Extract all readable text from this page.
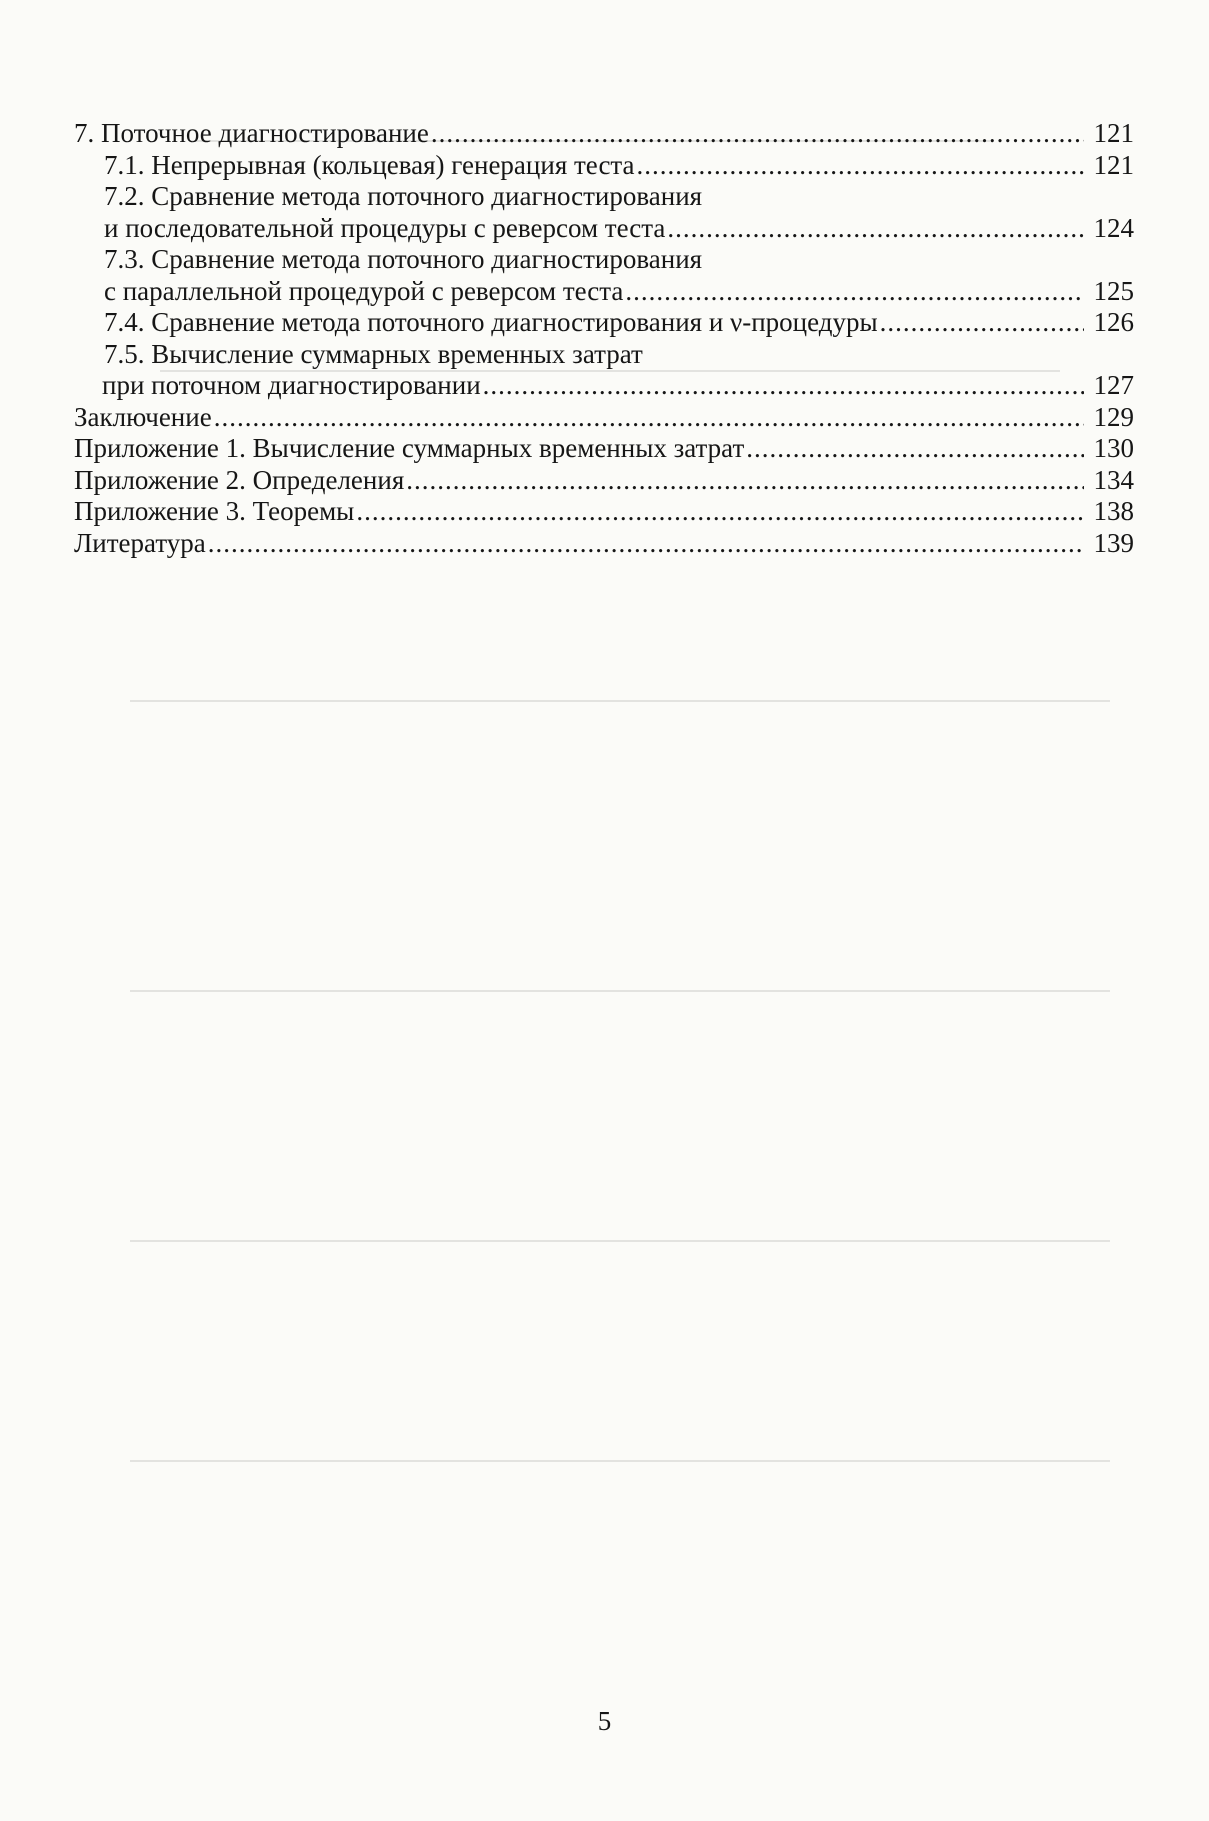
7. Поточное диагностирование .....	121
7.1. Непрерывная (кольцевая) генерация теста .....	121
7.2. Сравнение метода поточного диагностирования
и последовательной процедуры с реверсом теста .....	124
7.3. Сравнение метода поточного диагностирования
с параллельной процедурой с реверсом теста .....	125
7.4. Сравнение метода поточного диагностирования и ν-процедуры .....	126
7.5. Вычисление суммарных временных затрат
при поточном диагностировании .....	127
Заключение .....	129
Приложение 1. Вычисление суммарных временных затрат .....	130
Приложение 2. Определения .....	134
Приложение 3. Теоремы .....	138
Литература .....	139
5
